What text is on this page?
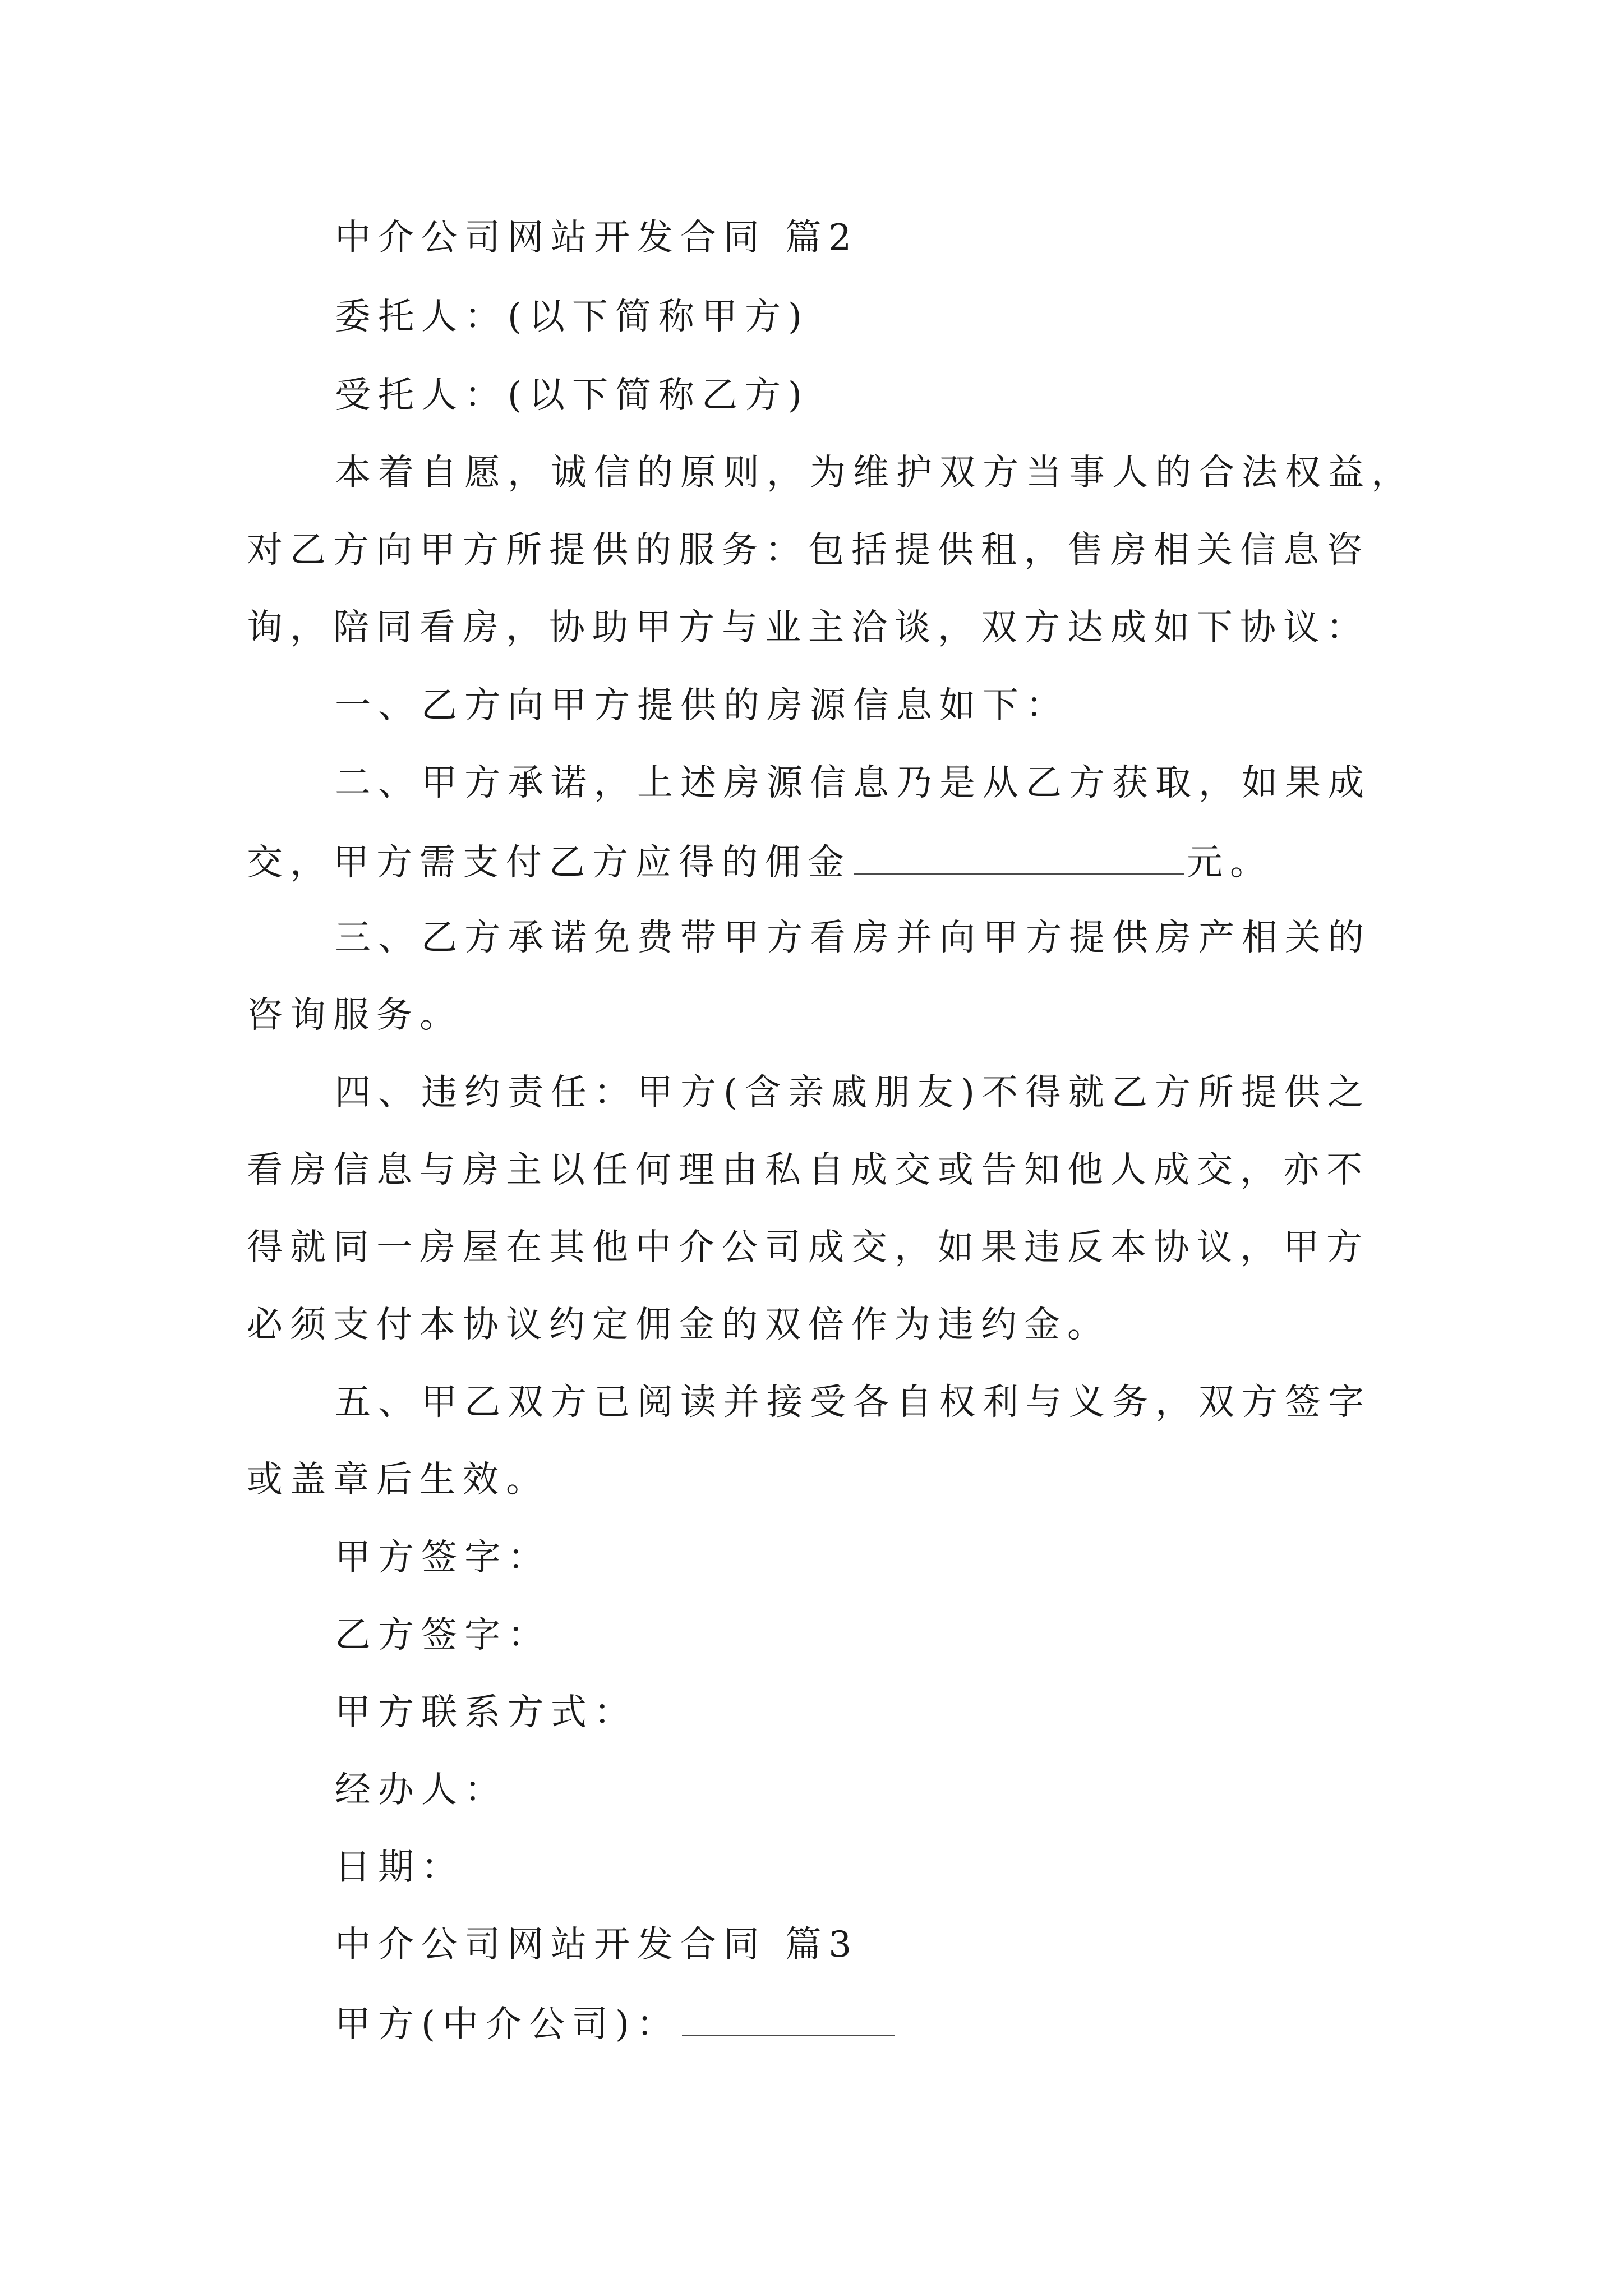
中介公司网站开发合同 篇2
委托人：(以下简称甲方)
受托人：(以下简称乙方)
本着自愿，诚信的原则，为维护双方当事人的合法权益，
对乙方向甲方所提供的服务：包括提供租，售房相关信息咨
询，陪同看房，协助甲方与业主洽谈，双方达成如下协议：
一、乙方向甲方提供的房源信息如下：
二、甲方承诺，上述房源信息乃是从乙方获取，如果成
交，甲方需支付乙方应得的佣金	元。
三、乙方承诺免费带甲方看房并向甲方提供房产相关的
咨询服务。
四、违约责任：甲方(含亲戚朋友)不得就乙方所提供之
看房信息与房主以任何理由私自成交或告知他人成交，亦不
得就同一房屋在其他中介公司成交，如果违反本协议，甲方
必须支付本协议约定佣金的双倍作为违约金。
五、甲乙双方已阅读并接受各自权利与义务，双方签字
或盖章后生效。
甲方签字：
乙方签字：
甲方联系方式：
经办人：
日期：
中介公司网站开发合同 篇3
甲方(中介公司)：
